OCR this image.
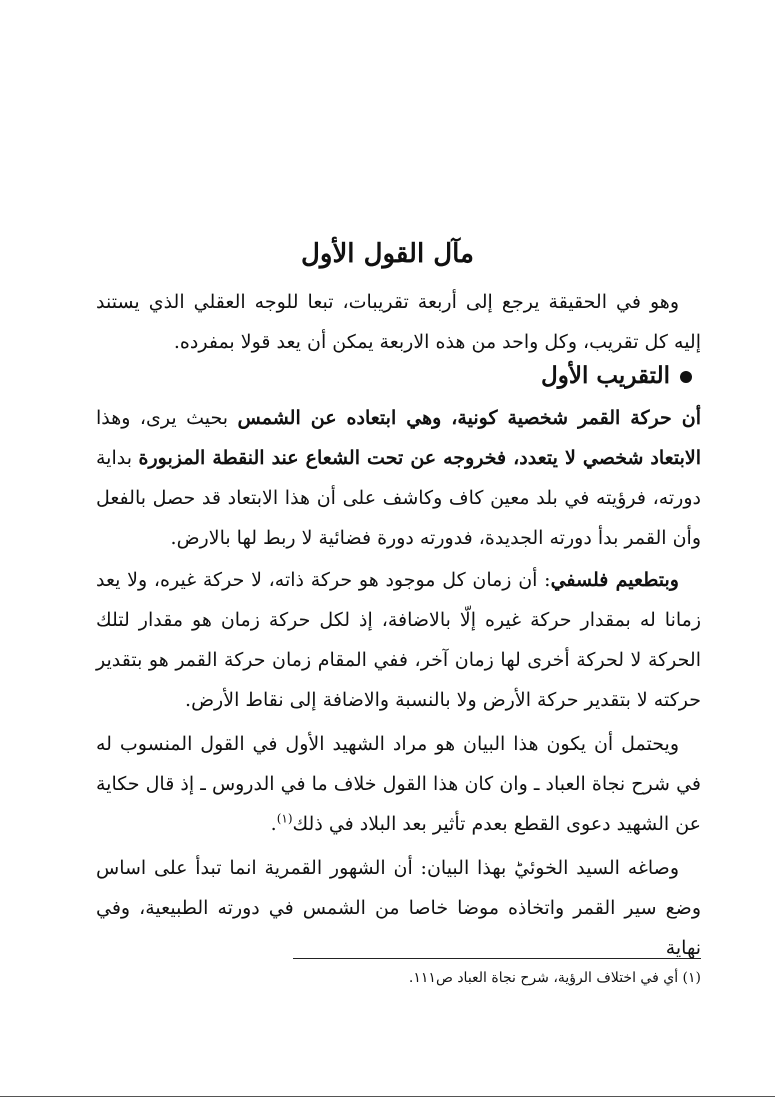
مآل القول الأول

وهو في الحقيقة يرجع إلى أربعة تقريبات، تبعا للوجه العقلي الذي يستند إليه كل تقريب، وكل واحد من هذه الاربعة يمكن أن يعد قولا بمفرده.

التقريب الأول

أن حركة القمر شخصية كونية، وهي ابتعاده عن الشمس بحيث يرى، وهذا الابتعاد شخصي لا يتعدد، فخروجه عن تحت الشعاع عند النقطة المزبورة بداية دورته، فرؤيته في بلد معين كاف وكاشف على أن هذا الابتعاد قد حصل بالفعل وأن القمر بدأ دورته الجديدة، فدورته دورة فضائية لا ربط لها بالارض.

وبتطعيم فلسفي: أن زمان كل موجود هو حركة ذاته، لا حركة غيره، ولا يعد زمانا له بمقدار حركة غيره إلّا بالاضافة، إذ لكل حركة زمان هو مقدار لتلك الحركة لا لحركة أخرى لها زمان آخر، ففي المقام زمان حركة القمر هو بتقدير حركته لا بتقدير حركة الأرض ولا بالنسبة والاضافة إلى نقاط الأرض.

ويحتمل أن يكون هذا البيان هو مراد الشهيد الأول في القول المنسوب له في شرح نجاة العباد ـ وان كان هذا القول خلاف ما في الدروس ـ إذ قال حكاية عن الشهيد دعوى القطع بعدم تأثير بعد البلاد في ذلك$^{(١)}$.

وصاغه السيد الخوئيؕ بهذا البيان: أن الشهور القمرية انما تبدأ على اساس وضع سير القمر واتخاذه موضا خاصا من الشمس في دورته الطبيعية، وفي نهاية

(١) أي في اختلاف الرؤية، شرح نجاة العباد ص١١١.
